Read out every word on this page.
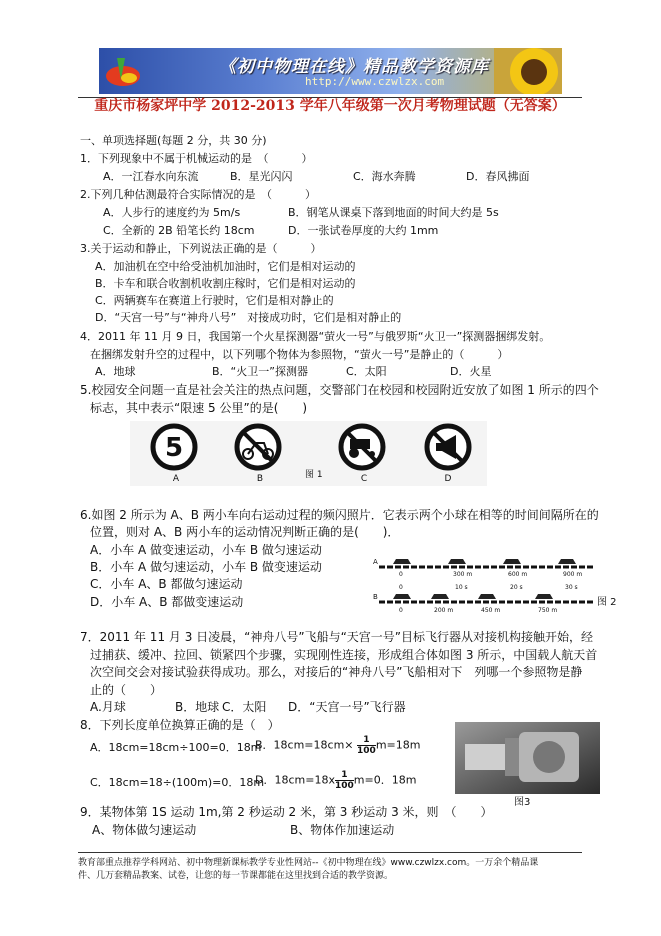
《初中物理在线》精品教学资源库
http://www.czwlzx.com
重庆市杨家坪中学 2012-2013 学年八年级第一次月考物理试题（无答案）
一、单项选择题(每题 2 分，共 30 分)
1．下列现象中不属于机械运动的是　（　　　）
A．一江春水向东流	B．星光闪闪	C．海水奔腾	D．春风拂面
2.下列几种估测最符合实际情况的是　（　　　）
A．人步行的速度约为 5m/s	B．钢笔从课桌下落到地面的时间大约是 5s
C．全新的 2B 铅笔长约 18cm	D．一张试卷厚度的大约 1mm
3.关于运动和静止，下列说法正确的是（　　　）
A．加油机在空中给受油机加油时，它们是相对运动的
B．卡车和联合收割机收割庄稼时，它们是相对运动的
C．两辆赛车在赛道上行驶时，它们是相对静止的
D．“天宫一号”与“神舟八号”　对接成功时，它们是相对静止的
4．2011 年 11 月 9 日，我国第一个火星探测器“萤火一号”与俄罗斯“火卫一”探测器捆绑发射。
在捆绑发射升空的过程中，以下列哪个物体为参照物，“萤火一号”是静止的（　　　）
A．地球	B．“火卫一”探测器	C．太阳	D．火星
5.校园安全问题一直是社会关注的热点问题，交警部门在校园和校园附近安放了如图 1 所示的四个
标志，其中表示“限速 5 公里”的是(　　)
5
A	B	图 1	C	D
6.如图 2 所示为 A、B 两小车向右运动过程的频闪照片．它表示两个小球在相等的时间间隔所在的
位置，则对 A、B 两小车的运动情况判断正确的是(　　)．
A．小车 A 做变速运动，小车 B 做匀速运动
B．小车 A 做匀速运动，小车 B 做变速运动
C．小车 A、B 都做匀速运动
D．小车 A、B 都做变速运动
A
0	300 m	600 m	900 m
0	10 s	20 s	30 s
B
0	200 m	450 m	750 m
图 2
7．2011 年 11 月 3 日凌晨，“神舟八号”飞船与“天宫一号”目标飞行器从对接机构接触开始，经
过捕获、缓冲、拉回、锁紧四个步骤，实现刚性连接，形成组合体如图 3 所示，中国载人航天首
次空间交会对接试验获得成功。那么，对接后的“神舟八号”飞船相对下　列哪一个参照物是静
止的（　　）
A.月球	B．地球 C．太阳 D．“天宫一号”飞行器
8．下列长度单位换算正确的是（　）
A．18cm=18cm÷100=0．18m
B．$18cm=18cm\times \frac{1}{100} m=18m$
C．18cm=18÷(100m)=0．18m
D．$18cm=18x \frac{1}{100} m=0$．18m
图3
9．某物体第 1S 运动 1m,第 2 秒运动 2 米，第 3 秒运动 3 米，则　（　　）
A、物体做匀速运动	B、物体作加速运动
教育部重点推荐学科网站、初中物理新课标教学专业性网站--《初中物理在线》www.czwlzx.com。一万余个精品课
件、几万套精品教案、试卷，让您的每一节课都能在这里找到合适的教学资源。
